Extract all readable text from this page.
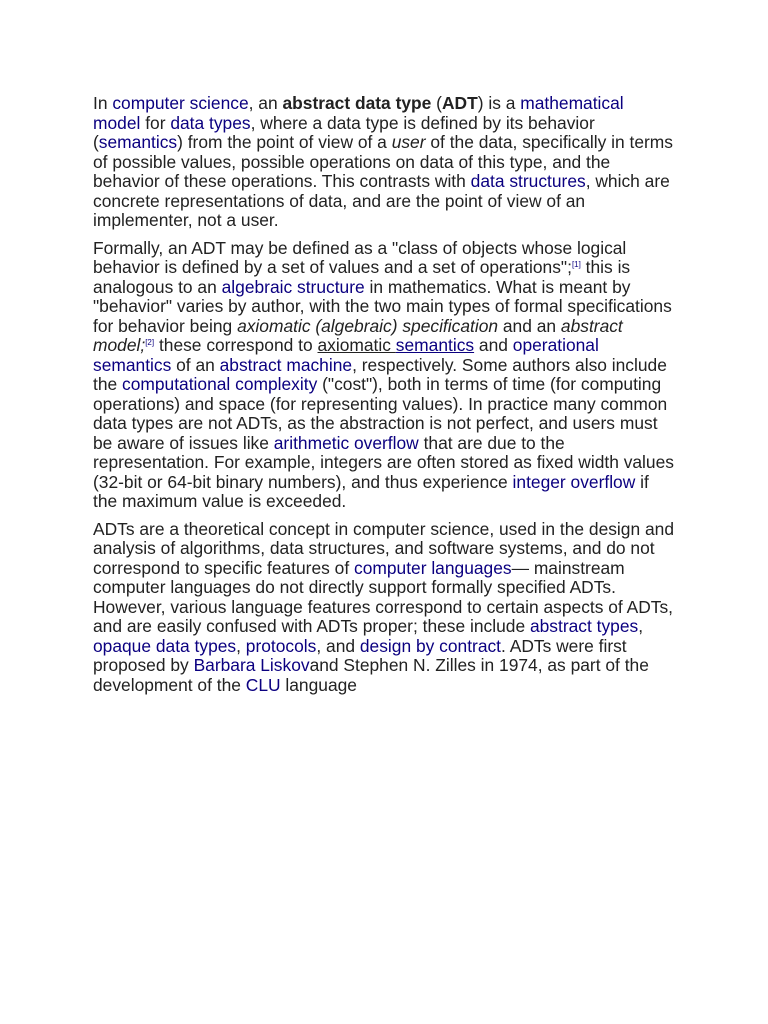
In computer science, an abstract data type (ADT) is a mathematical model for data types, where a data type is defined by its behavior (semantics) from the point of view of a user of the data, specifically in terms of possible values, possible operations on data of this type, and the behavior of these operations. This contrasts with data structures, which are concrete representations of data, and are the point of view of an implementer, not a user.

Formally, an ADT may be defined as a "class of objects whose logical behavior is defined by a set of values and a set of operations";[1] this is analogous to an algebraic structure in mathematics. What is meant by "behavior" varies by author, with the two main types of formal specifications for behavior being axiomatic (algebraic) specification and an abstract model;[2] these correspond to axiomatic semantics and operational semantics of an abstract machine, respectively. Some authors also include the computational complexity ("cost"), both in terms of time (for computing operations) and space (for representing values). In practice many common data types are not ADTs, as the abstraction is not perfect, and users must be aware of issues like arithmetic overflow that are due to the representation. For example, integers are often stored as fixed width values (32-bit or 64-bit binary numbers), and thus experience integer overflow if the maximum value is exceeded.

ADTs are a theoretical concept in computer science, used in the design and analysis of algorithms, data structures, and software systems, and do not correspond to specific features of computer languages— mainstream computer languages do not directly support formally specified ADTs. However, various language features correspond to certain aspects of ADTs, and are easily confused with ADTs proper; these include abstract types, opaque data types, protocols, and design by contract. ADTs were first proposed by Barbara Liskovand Stephen N. Zilles in 1974, as part of the development of the CLU language
